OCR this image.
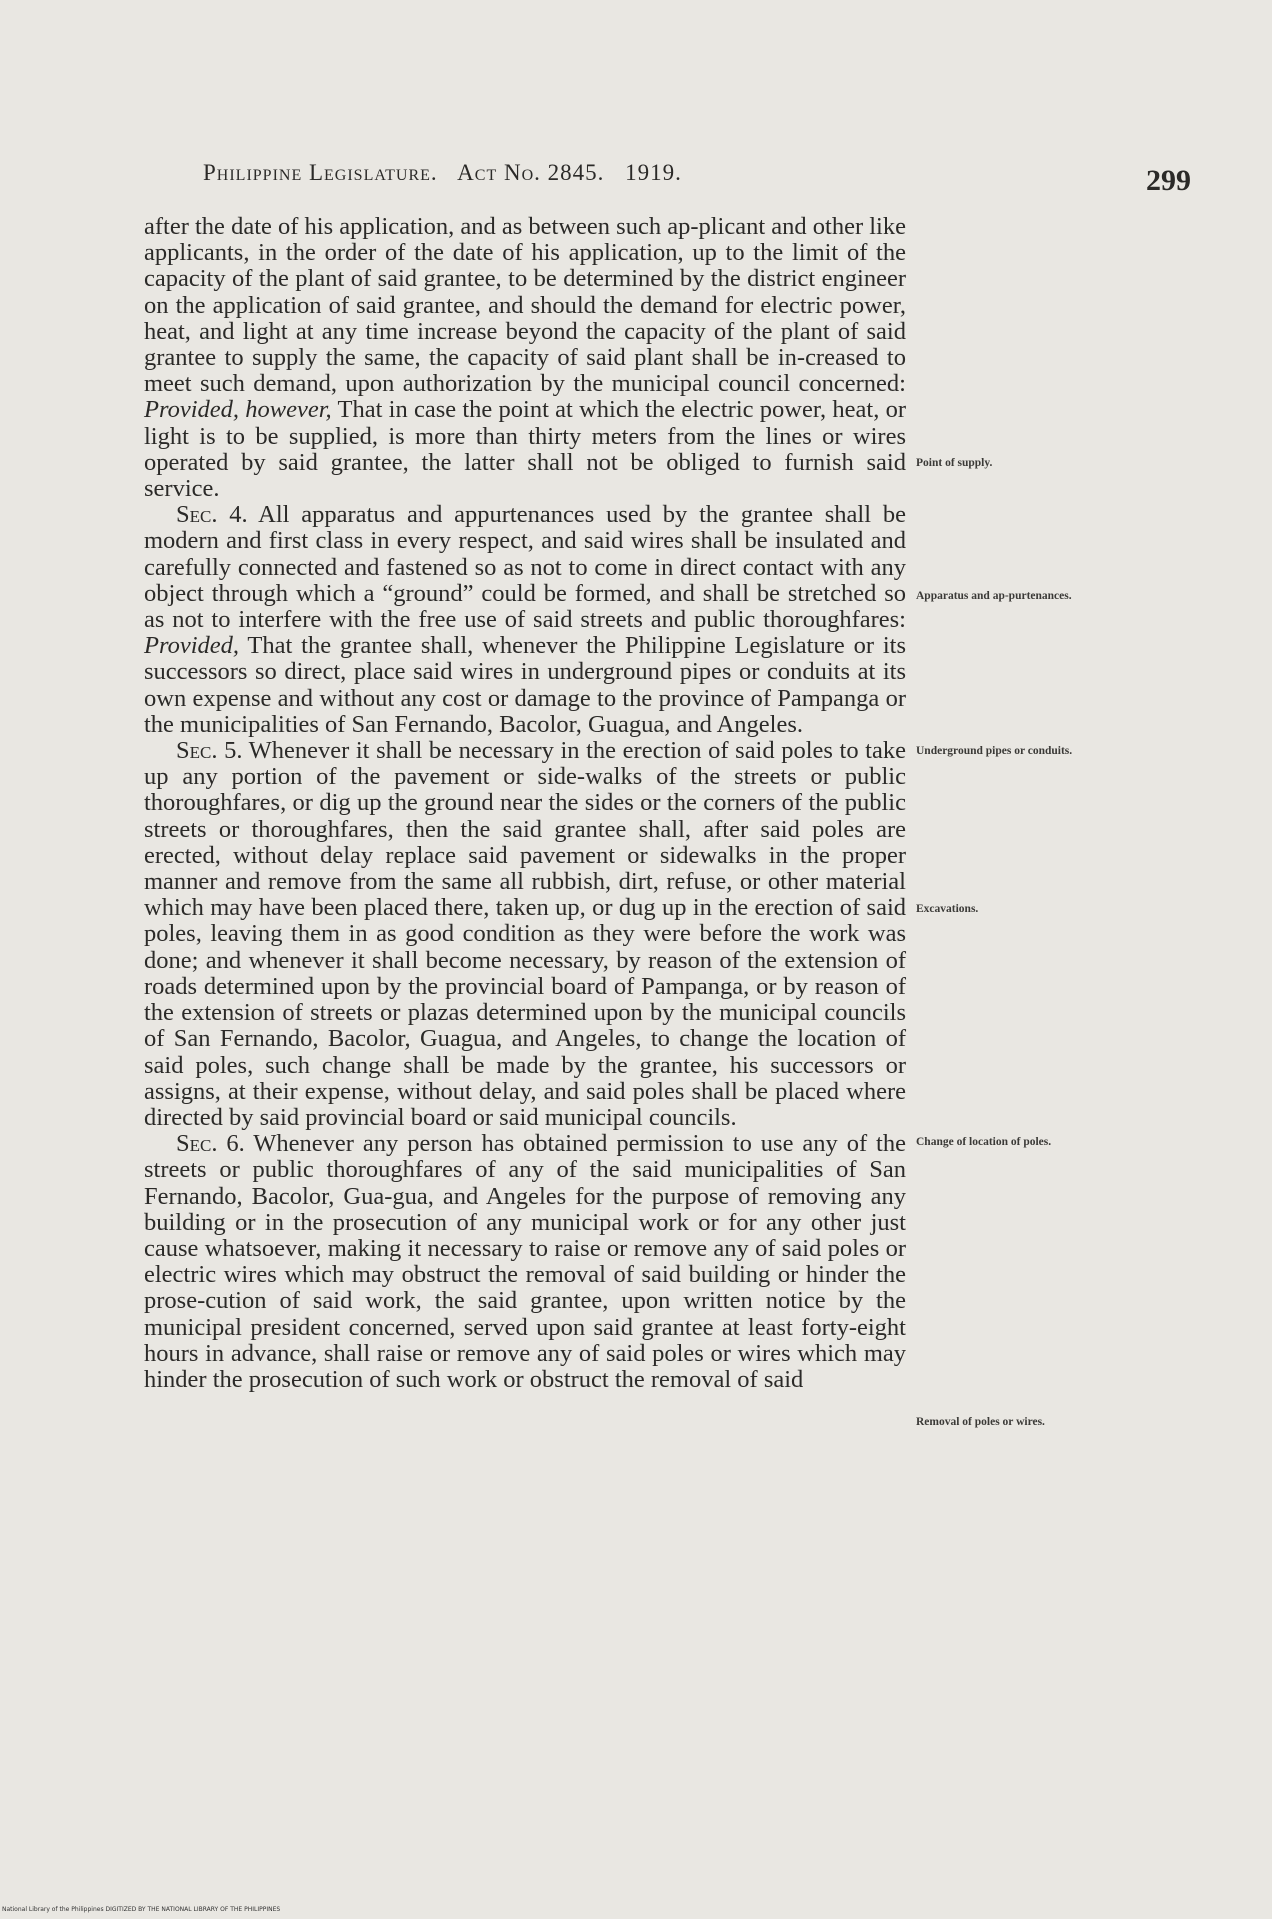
Philippine Legislature. Act No. 2845. 1919.	299

after the date of his application, and as between such ap-plicant and other like applicants, in the order of the date of his application, up to the limit of the capacity of the plant of said grantee, to be determined by the district engineer on the application of said grantee, and should the demand for electric power, heat, and light at any time increase beyond the capacity of the plant of said grantee to supply the same, the capacity of said plant shall be in-creased to meet such demand, upon authorization by the municipal council concerned: Provided, however, That in case the point at which the electric power, heat, or light is to be supplied, is more than thirty meters from the lines or wires operated by said grantee, the latter shall not be obliged to furnish said service.

Sec. 4. All apparatus and appurtenances used by the grantee shall be modern and first class in every respect, and said wires shall be insulated and carefully connected and fastened so as not to come in direct contact with any object through which a “ground” could be formed, and shall be stretched so as not to interfere with the free use of said streets and public thoroughfares: Provided, That the grantee shall, whenever the Philippine Legislature or its successors so direct, place said wires in underground pipes or conduits at its own expense and without any cost or damage to the province of Pampanga or the municipalities of San Fernando, Bacolor, Guagua, and Angeles.

Sec. 5. Whenever it shall be necessary in the erection of said poles to take up any portion of the pavement or side-walks of the streets or public thoroughfares, or dig up the ground near the sides or the corners of the public streets or thoroughfares, then the said grantee shall, after said poles are erected, without delay replace said pavement or sidewalks in the proper manner and remove from the same all rubbish, dirt, refuse, or other material which may have been placed there, taken up, or dug up in the erection of said poles, leaving them in as good condition as they were before the work was done; and whenever it shall become necessary, by reason of the extension of roads determined upon by the provincial board of Pampanga, or by reason of the extension of streets or plazas determined upon by the municipal councils of San Fernando, Bacolor, Guagua, and Angeles, to change the location of said poles, such change shall be made by the grantee, his successors or assigns, at their expense, without delay, and said poles shall be placed where directed by said provincial board or said municipal councils.

Sec. 6. Whenever any person has obtained permission to use any of the streets or public thoroughfares of any of the said municipalities of San Fernando, Bacolor, Gua-gua, and Angeles for the purpose of removing any building or in the prosecution of any municipal work or for any other just cause whatsoever, making it necessary to raise or remove any of said poles or electric wires which may obstruct the removal of said building or hinder the prose-cution of said work, the said grantee, upon written notice by the municipal president concerned, served upon said grantee at least forty-eight hours in advance, shall raise or remove any of said poles or wires which may hinder the prosecution of such work or obstruct the removal of said

Point of supply.
Apparatus and ap-purtenances.
Underground pipes or conduits.
Excavations.
Change of location of poles.
Removal of poles or wires.
National Library of the Philippines DIGITIZED BY THE NATIONAL LIBRARY OF THE PHILIPPINES
